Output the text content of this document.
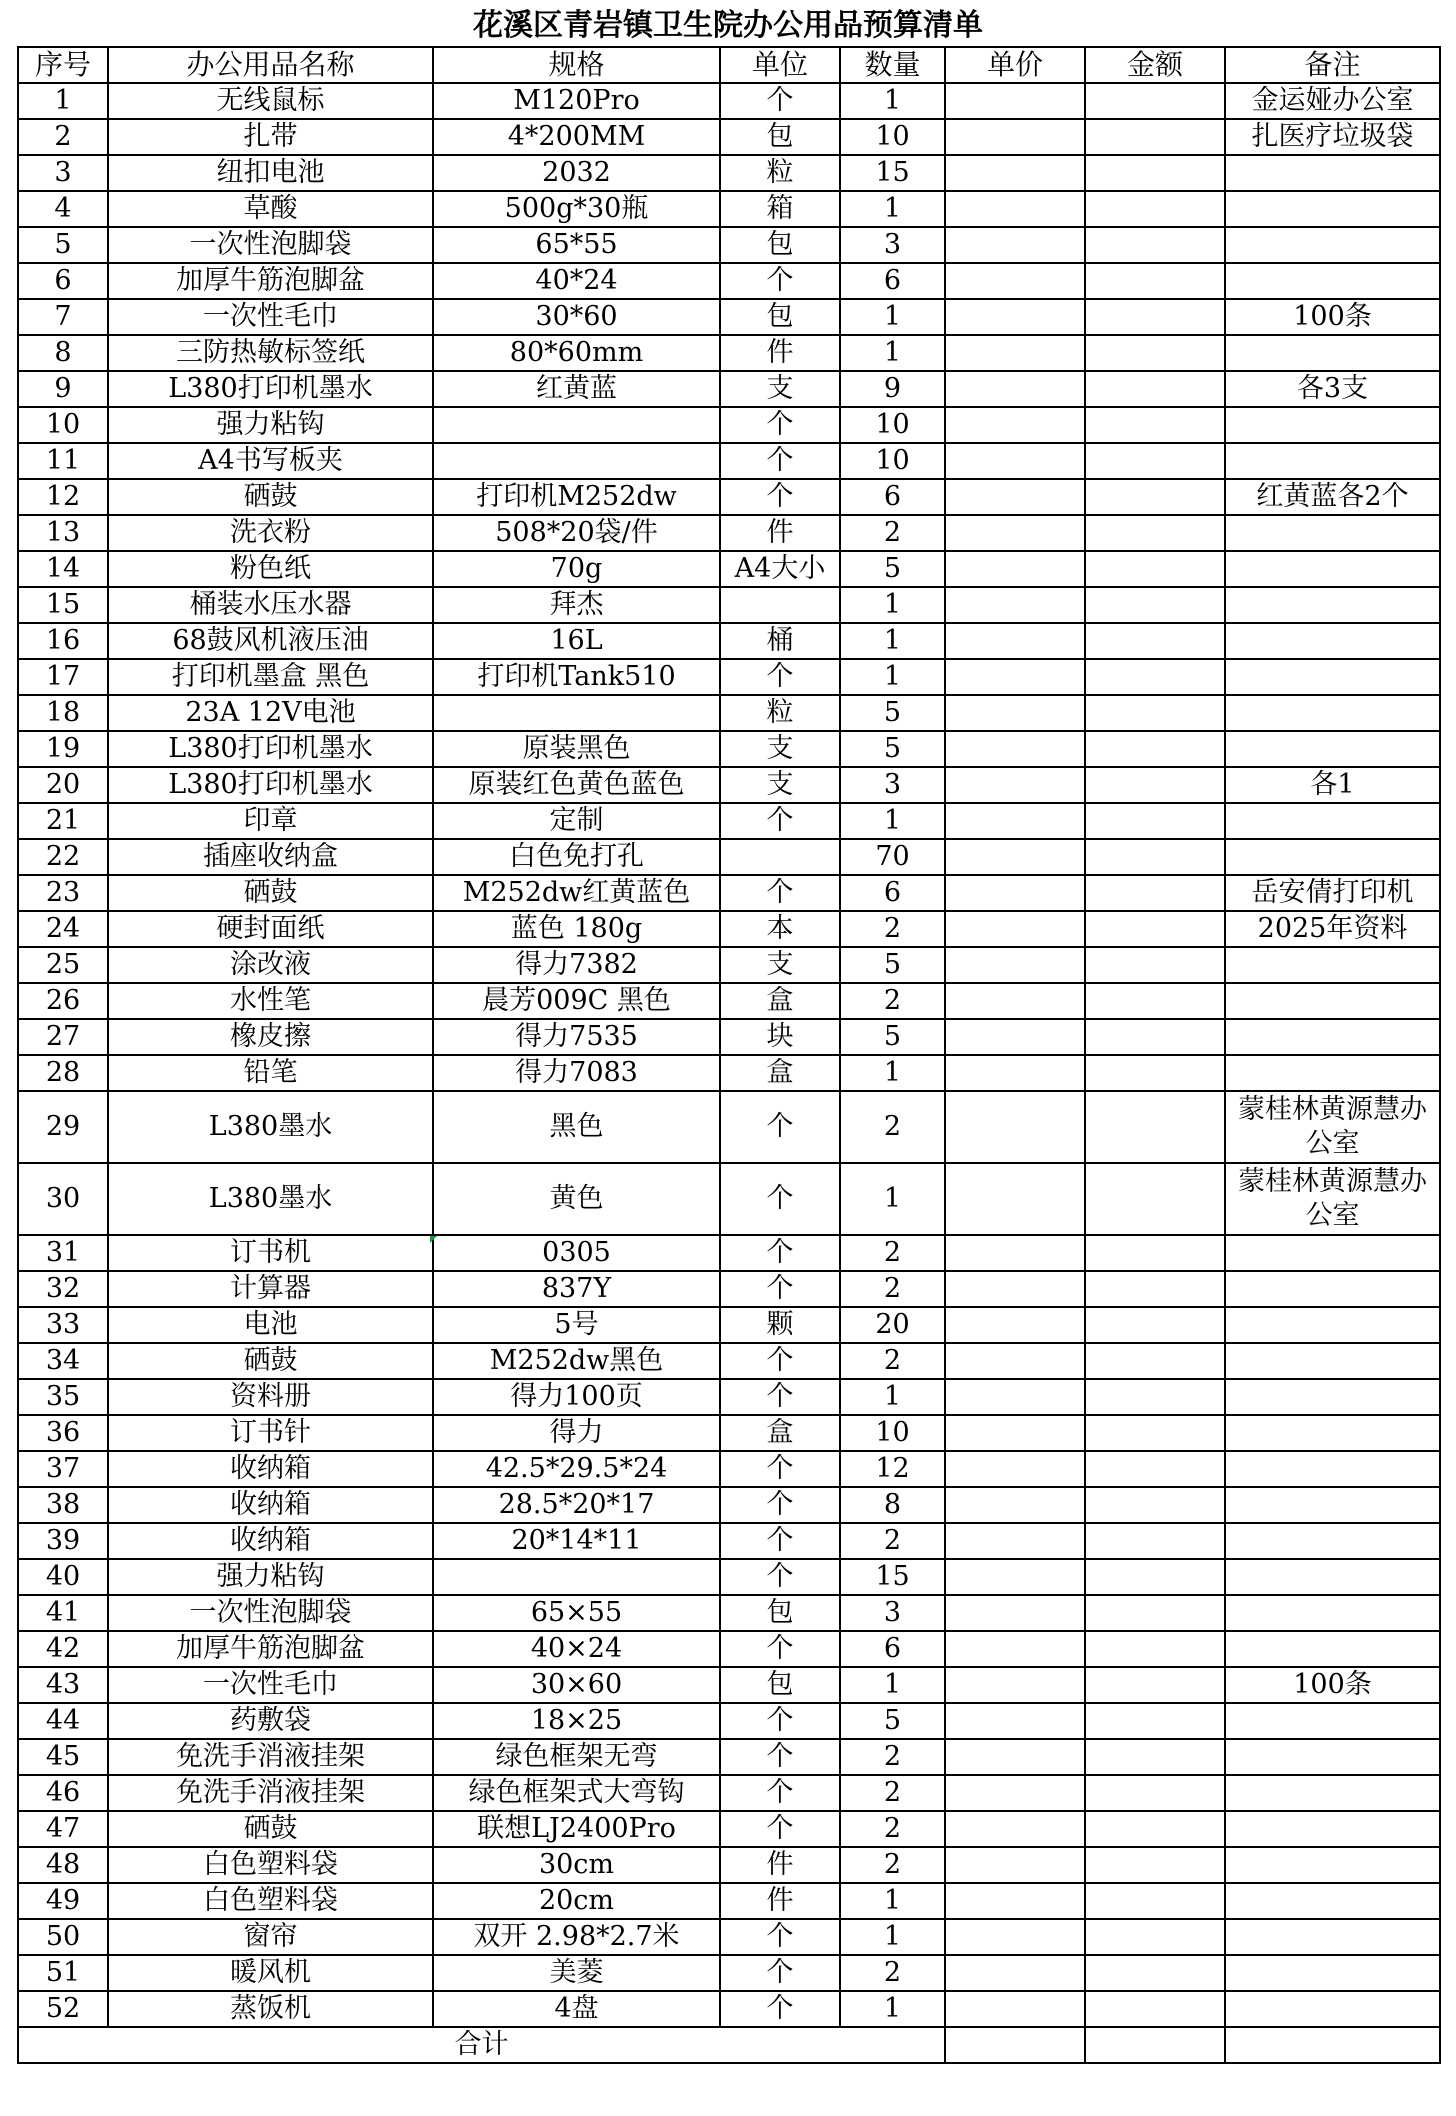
花溪区青岩镇卫生院办公用品预算清单
序号	办公用品名称	规格	单位	数量	单价	金额	备注
1	无线鼠标	M120Pro	个	1			金运娅办公室
2	扎带	4*200MM	包	10			扎医疗垃圾袋
3	纽扣电池	2032	粒	15			
4	草酸	500g*30瓶	箱	1			
5	一次性泡脚袋	65*55	包	3			
6	加厚牛筋泡脚盆	40*24	个	6			
7	一次性毛巾	30*60	包	1			100条
8	三防热敏标签纸	80*60mm	件	1			
9	L380打印机墨水	红黄蓝	支	9			各3支
10	强力粘钩		个	10			
11	A4书写板夹		个	10			
12	硒鼓	打印机M252dw	个	6			红黄蓝各2个
13	洗衣粉	508*20袋/件	件	2			
14	粉色纸	70g	A4大小	5			
15	桶装水压水器	拜杰		1			
16	68鼓风机液压油	16L	桶	1			
17	打印机墨盒 黑色	打印机Tank510	个	1			
18	23A 12V电池		粒	5			
19	L380打印机墨水	原装黑色	支	5			
20	L380打印机墨水	原装红色黄色蓝色	支	3			各1
21	印章	定制	个	1			
22	插座收纳盒	白色免打孔		70			
23	硒鼓	M252dw红黄蓝色	个	6			岳安倩打印机
24	硬封面纸	蓝色 180g	本	2			2025年资料
25	涂改液	得力7382	支	5			
26	水性笔	晨芳009C 黑色	盒	2			
27	橡皮擦	得力7535	块	5			
28	铅笔	得力7083	盒	1			
29	L380墨水	黑色	个	2			蒙桂林黄源慧办公室
30	L380墨水	黄色	个	1			蒙桂林黄源慧办公室
31	订书机	0305	个	2			
32	计算器	837Y	个	2			
33	电池	5号	颗	20			
34	硒鼓	M252dw黑色	个	2			
35	资料册	得力100页	个	1			
36	订书针	得力	盒	10			
37	收纳箱	42.5*29.5*24	个	12			
38	收纳箱	28.5*20*17	个	8			
39	收纳箱	20*14*11	个	2			
40	强力粘钩		个	15			
41	一次性泡脚袋	65×55	包	3			
42	加厚牛筋泡脚盆	40×24	个	6			
43	一次性毛巾	30×60	包	1			100条
44	药敷袋	18×25	个	5			
45	免洗手消液挂架	绿色框架无弯	个	2			
46	免洗手消液挂架	绿色框架式大弯钩	个	2			
47	硒鼓	联想LJ2400Pro	个	2			
48	白色塑料袋	30cm	件	2			
49	白色塑料袋	20cm	件	1			
50	窗帘	双开 2.98*2.7米	个	1			
51	暖风机	美菱	个	2			
52	蒸饭机	4盘	个	1			
合计							
